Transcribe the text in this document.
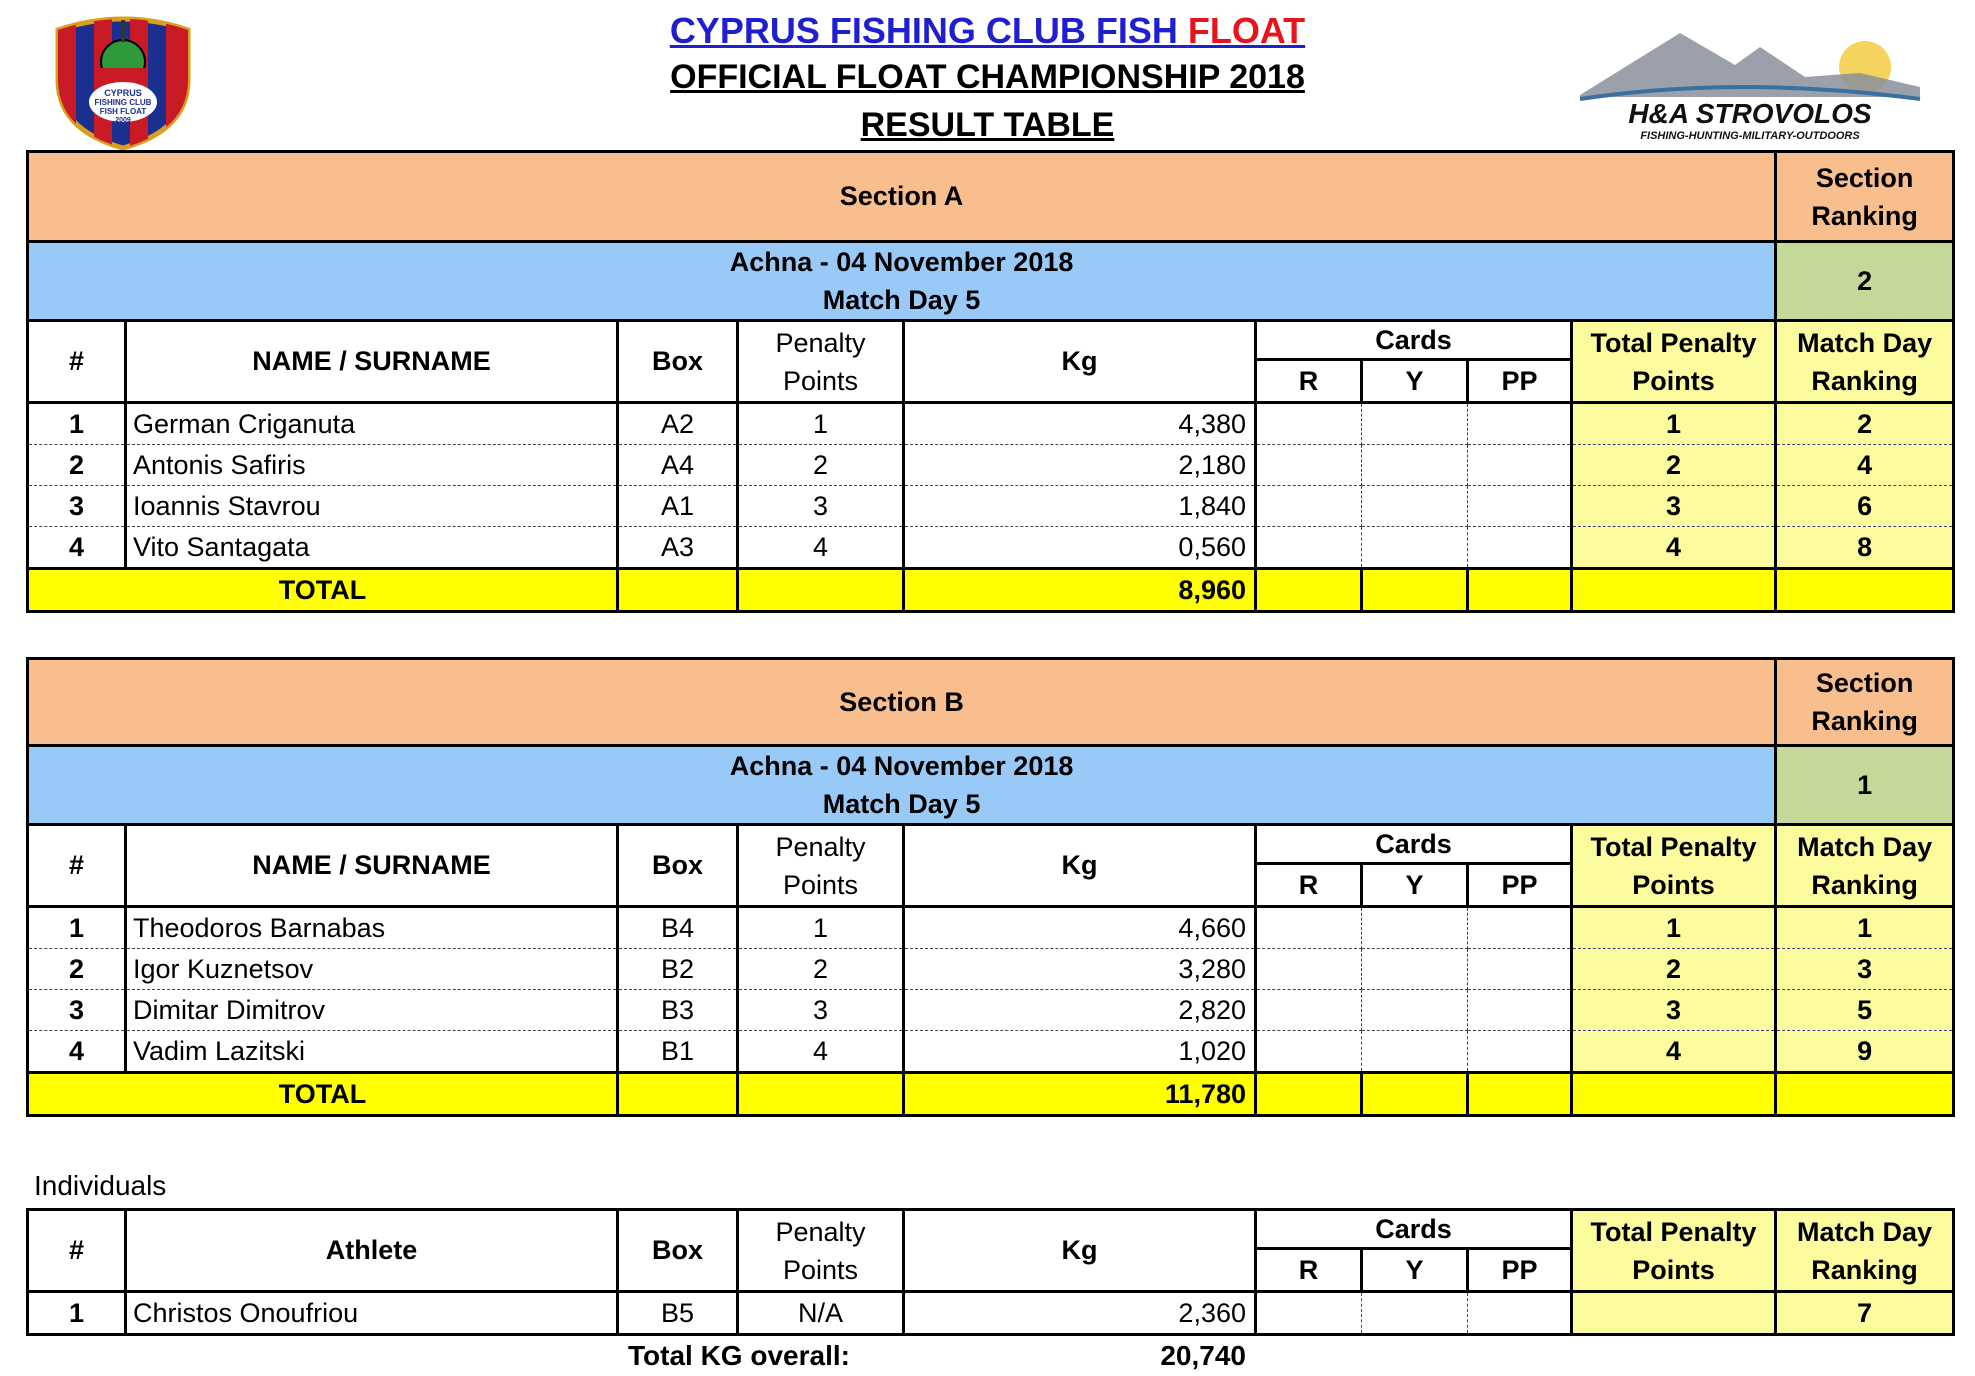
CYPRUS FISHING CLUB FISH FLOAT
OFFICIAL FLOAT CHAMPIONSHIP 2018
RESULT TABLE
CYPRUS
FISHING CLUB
FISH FLOAT
2009	H&A STROVOLOS
FISHING-HUNTING-MILITARY-OUTDOORS
Section A									Section
Ranking

Achna - 04 November 2018
Match Day 5									2
#	NAME / SURNAME	Box	Penalty
Points	Kg	Cards			Total Penalty
Points	Match Day
Ranking

					R	Y	PP		
1	German Criganuta	A2	1	4,380				1	2
2	Antonis Safiris	A4	2	2,180				2	4
3	Ioannis Stavrou	A1	3	1,840				3	6
4	Vito Santagata	A3	4	0,560				4	8
TOTAL				8,960					
Section B									Section
Ranking

Achna - 04 November 2018
Match Day 5									1
#	NAME / SURNAME	Box	Penalty
Points	Kg	Cards			Total Penalty
Points	Match Day
Ranking

					R	Y	PP		
1	Theodoros Barnabas	B4	1	4,660				1	1
2	Igor Kuznetsov	B2	2	3,280				2	3
3	Dimitar Dimitrov	B3	3	2,820				3	5
4	Vadim Lazitski	B1	4	1,020				4	9
TOTAL				11,780					
Individuals
#	Athlete	Box	Penalty
Points	Kg	Cards			Total Penalty
Points	Match Day
Ranking

					R	Y	PP		
1	Christos Onoufriou	B5	N/A	2,360					7
Total KG overall:	20,740
